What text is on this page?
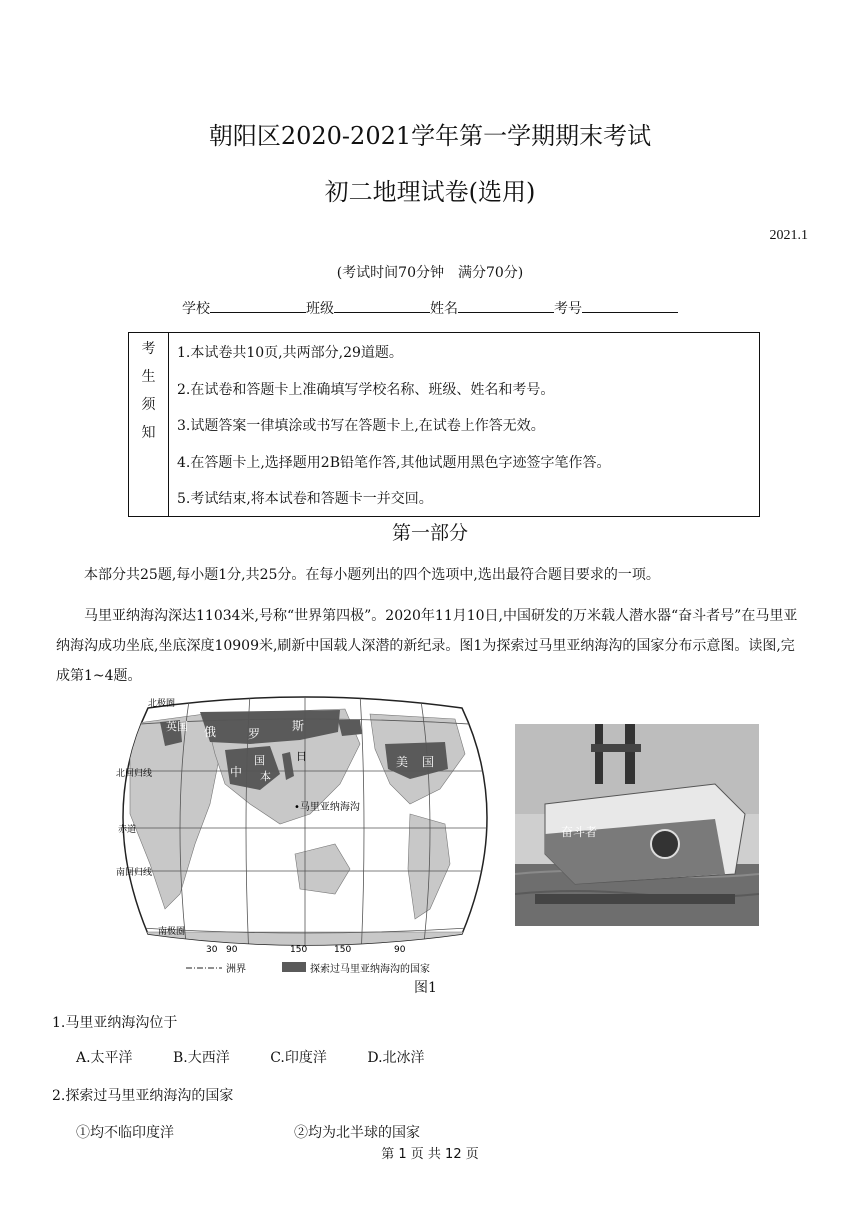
朝阳区2020-2021学年第一学期期末考试
初二地理试卷(选用)
2021.1
(考试时间70分钟　满分70分)
学校	班级	姓名	考号
考
生
须
知
1.本试卷共10页,共两部分,29道题。
2.在试卷和答题卡上准确填写学校名称、班级、姓名和考号。
3.试题答案一律填涂或书写在答题卡上,在试卷上作答无效。
4.在答题卡上,选择题用2B铅笔作答,其他试题用黑色字迹签字笔作答。
5.考试结束,将本试卷和答题卡一并交回。
第一部分
本部分共25题,每小题1分,共25分。在每小题列出的四个选项中,选出最符合题目要求的一项。
马里亚纳海沟深达11034米,号称“世界第四极”。2020年11月10日,中国研发的万米载人潜水器“奋斗者号”在马里亚纳海沟成功坐底,坐底深度10909米,刷新中国载人深潜的新纪录。图1为探索过马里亚纳海沟的国家分布示意图。读图,完成第1~4题。
北极圈
英国 俄	罗
斯
日
本
中
国	美 国
•马里亚纳海沟
北回归线
赤道
南回归线
南极圈
30 90	150	150	90
洲界	探索过马里亚纳海沟的国家
奋斗者
图1
1.马里亚纳海沟位于
A.太平洋	B.大西洋	C.印度洋	D.北冰洋
2.探索过马里亚纳海沟的国家
①均不临印度洋	②均为北半球的国家
第 1 页 共 12 页
